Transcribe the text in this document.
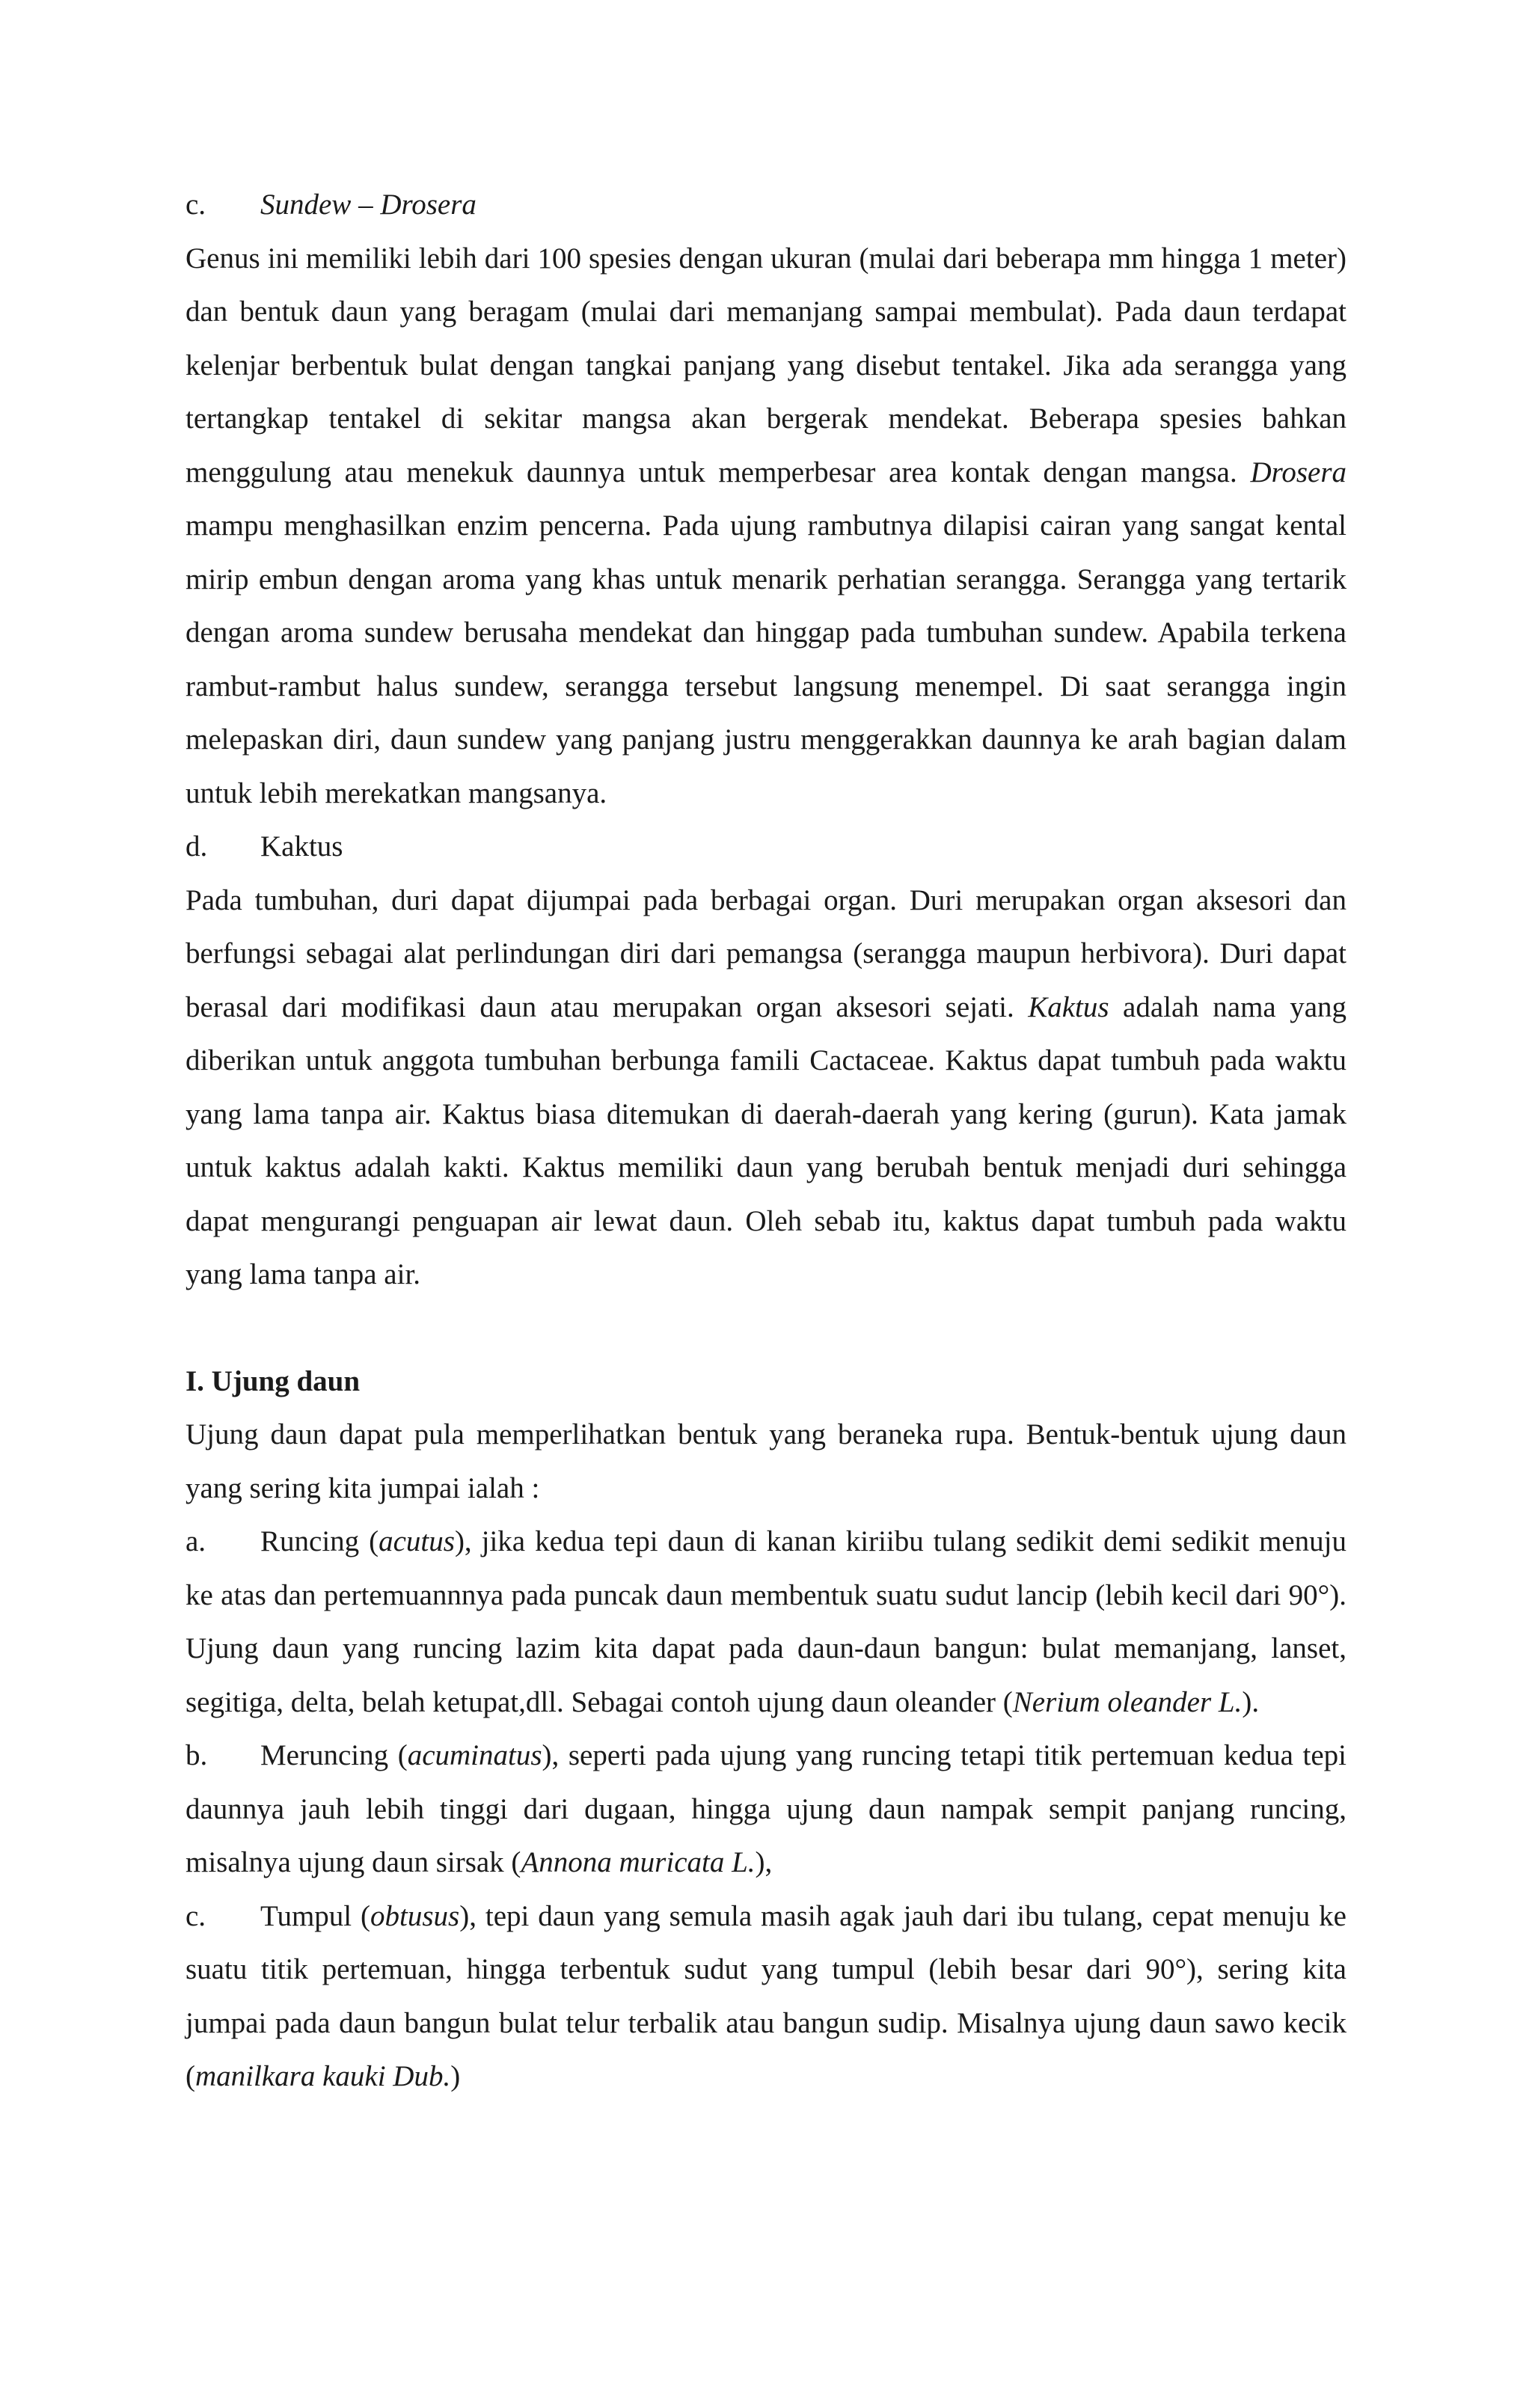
c. Sundew – Drosera

Genus ini memiliki lebih dari 100 spesies dengan ukuran (mulai dari beberapa mm hingga 1 meter) dan bentuk daun yang beragam (mulai dari memanjang sampai membulat). Pada daun terdapat kelenjar berbentuk bulat dengan tangkai panjang yang disebut tentakel. Jika ada serangga yang tertangkap tentakel di sekitar mangsa akan bergerak mendekat. Beberapa spesies bahkan menggulung atau menekuk daunnya untuk memperbesar area kontak dengan mangsa. Drosera mampu menghasilkan enzim pencerna. Pada ujung rambutnya dilapisi cairan yang sangat kental mirip embun dengan aroma yang khas untuk menarik perhatian serangga. Serangga yang tertarik dengan aroma sundew berusaha mendekat dan hinggap pada tumbuhan sundew. Apabila terkena rambut-rambut halus sundew, serangga tersebut langsung menempel. Di saat serangga ingin melepaskan diri, daun sundew yang panjang justru menggerakkan daunnya ke arah bagian dalam untuk lebih merekatkan mangsanya.

d. Kaktus

Pada tumbuhan, duri dapat dijumpai pada berbagai organ. Duri merupakan organ aksesori dan berfungsi sebagai alat perlindungan diri dari pemangsa (serangga maupun herbivora). Duri dapat berasal dari modifikasi daun atau merupakan organ aksesori sejati. Kaktus adalah nama yang diberikan untuk anggota tumbuhan berbunga famili Cactaceae. Kaktus dapat tumbuh pada waktu yang lama tanpa air. Kaktus biasa ditemukan di daerah-daerah yang kering (gurun). Kata jamak untuk kaktus adalah kakti. Kaktus memiliki daun yang berubah bentuk menjadi duri sehingga dapat mengurangi penguapan air lewat daun. Oleh sebab itu, kaktus dapat tumbuh pada waktu yang lama tanpa air.

I. Ujung daun

Ujung daun dapat pula memperlihatkan bentuk yang beraneka rupa. Bentuk-bentuk ujung daun yang sering kita jumpai ialah :

a. Runcing (acutus), jika kedua tepi daun di kanan kiriibu tulang sedikit demi sedikit menuju ke atas dan pertemuannnya pada puncak daun membentuk suatu sudut lancip (lebih kecil dari 90°). Ujung daun yang runcing lazim kita dapat pada daun-daun bangun: bulat memanjang, lanset, segitiga, delta, belah ketupat,dll. Sebagai contoh ujung daun oleander (Nerium oleander L.).

b. Meruncing (acuminatus), seperti pada ujung yang runcing tetapi titik pertemuan kedua tepi daunnya jauh lebih tinggi dari dugaan, hingga ujung daun nampak sempit panjang runcing, misalnya ujung daun sirsak (Annona muricata L.),

c. Tumpul (obtusus), tepi daun yang semula masih agak jauh dari ibu tulang, cepat menuju ke suatu titik pertemuan, hingga terbentuk sudut yang tumpul (lebih besar dari 90°), sering kita jumpai pada daun bangun bulat telur terbalik atau bangun sudip. Misalnya ujung daun sawo kecik (manilkara kauki Dub.)
